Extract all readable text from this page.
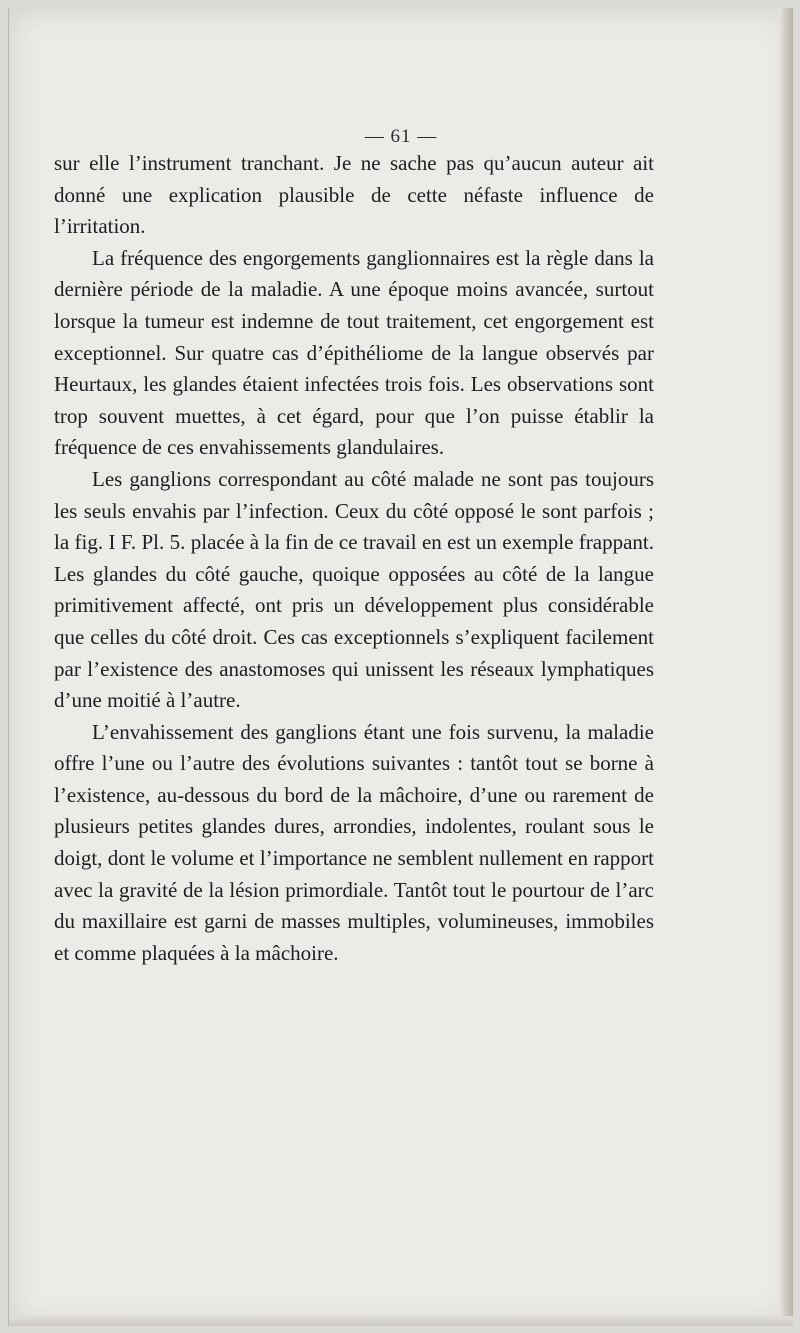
— 61 —

sur elle l’instrument tranchant. Je ne sache pas qu’aucun auteur ait donné une explication plausible de cette néfaste influence de l’irritation.

La fréquence des engorgements ganglionnaires est la règle dans la dernière période de la maladie. A une époque moins avancée, surtout lorsque la tumeur est indemne de tout traitement, cet engorgement est exceptionnel. Sur quatre cas d’épithéliome de la langue observés par Heurtaux, les glandes étaient infectées trois fois. Les observations sont trop souvent muettes, à cet égard, pour que l’on puisse établir la fréquence de ces envahissements glandulaires.

Les ganglions correspondant au côté malade ne sont pas toujours les seuls envahis par l’infection. Ceux du côté opposé le sont parfois ; la fig. I F. Pl. 5. placée à la fin de ce travail en est un exemple frappant. Les glandes du côté gauche, quoique opposées au côté de la langue primitivement affecté, ont pris un développement plus considérable que celles du côté droit. Ces cas exceptionnels s’expliquent facilement par l’existence des anastomoses qui unissent les réseaux lymphatiques d’une moitié à l’autre.

L’envahissement des ganglions étant une fois survenu, la maladie offre l’une ou l’autre des évolutions suivantes : tantôt tout se borne à l’existence, au-dessous du bord de la mâchoire, d’une ou rarement de plusieurs petites glandes dures, arrondies, indolentes, roulant sous le doigt, dont le volume et l’importance ne semblent nullement en rapport avec la gravité de la lésion primordiale. Tantôt tout le pourtour de l’arc du maxillaire est garni de masses multiples, volumineuses, immobiles et comme plaquées à la mâchoire.
